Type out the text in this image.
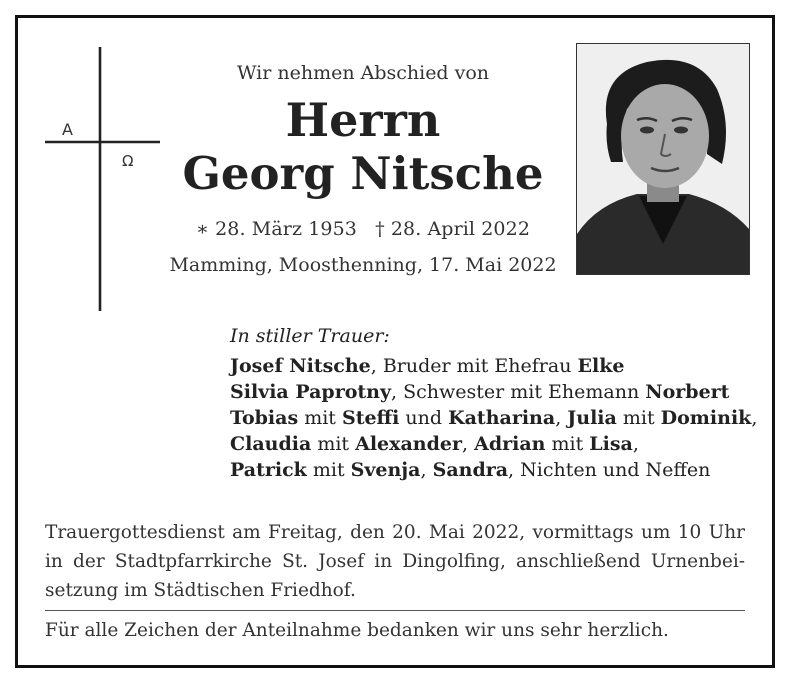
A
Ω
Wir nehmen Abschied von
Herrn
Georg Nitsche
∗ 28. März 1953 † 28. April 2022
Mamming, Moosthenning, 17. Mai 2022
In stiller Trauer:
Josef Nitsche, Bruder mit Ehefrau Elke
Silvia Paprotny, Schwester mit Ehemann Norbert
Tobias mit Steffi und Katharina, Julia mit Dominik,
Claudia mit Alexander, Adrian mit Lisa,
Patrick mit Svenja, Sandra, Nichten und Neffen
Trauergottesdienst am Freitag, den 20. Mai 2022, vormittags um 10 Uhr
in der Stadtpfarrkirche St. Josef in Dingolfing, anschließend Urnenbei-
setzung im Städtischen Friedhof.
Für alle Zeichen der Anteilnahme bedanken wir uns sehr herzlich.
